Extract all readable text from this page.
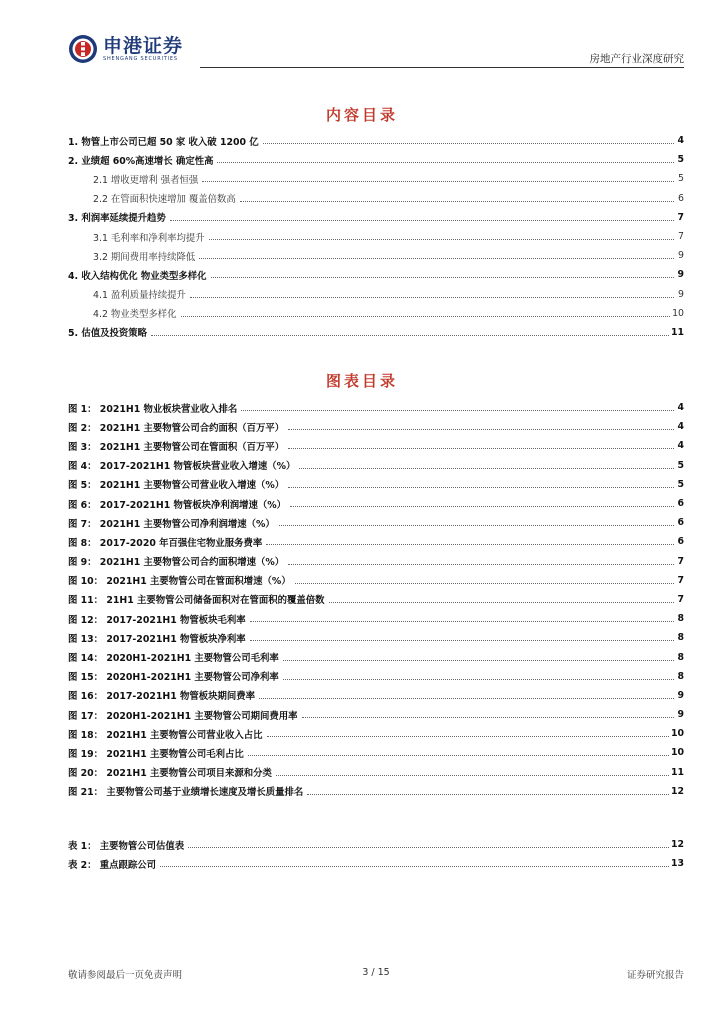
申港证券
SHENGANG SECURITIES	房地产行业深度研究
内容目录
1. 物管上市公司已超 50 家 收入破 1200 亿	4
2. 业绩超 60%高速增长 确定性高	5
2.1 增收更增利 强者恒强	5
2.2 在管面积快速增加 覆盖倍数高	6
3. 利润率延续提升趋势	7
3.1 毛利率和净利率均提升	7
3.2 期间费用率持续降低	9
4. 收入结构优化 物业类型多样化	9
4.1 盈利质量持续提升	9
4.2 物业类型多样化	10
5. 估值及投资策略	11
图表目录
图 1： 2021H1 物业板块营业收入排名	4
图 2： 2021H1 主要物管公司合约面积（百万平）	4
图 3： 2021H1 主要物管公司在管面积（百万平）	4
图 4： 2017-2021H1 物管板块营业收入增速（%）	5
图 5： 2021H1 主要物管公司营业收入增速（%）	5
图 6： 2017-2021H1 物管板块净利润增速（%）	6
图 7： 2021H1 主要物管公司净利润增速（%）	6
图 8： 2017-2020 年百强住宅物业服务费率	6
图 9： 2021H1 主要物管公司合约面积增速（%）	7
图 10： 2021H1 主要物管公司在管面积增速（%）	7
图 11： 21H1 主要物管公司储备面积对在管面积的覆盖倍数	7
图 12： 2017-2021H1 物管板块毛利率	8
图 13： 2017-2021H1 物管板块净利率	8
图 14： 2020H1-2021H1 主要物管公司毛利率	8
图 15： 2020H1-2021H1 主要物管公司净利率	8
图 16： 2017-2021H1 物管板块期间费率	9
图 17： 2020H1-2021H1 主要物管公司期间费用率	9
图 18： 2021H1 主要物管公司营业收入占比	10
图 19： 2021H1 主要物管公司毛利占比	10
图 20： 2021H1 主要物管公司项目来源和分类	11
图 21： 主要物管公司基于业绩增长速度及增长质量排名	12
表 1： 主要物管公司估值表	12
表 2： 重点跟踪公司	13
敬请参阅最后一页免责声明	3 / 15	证券研究报告
